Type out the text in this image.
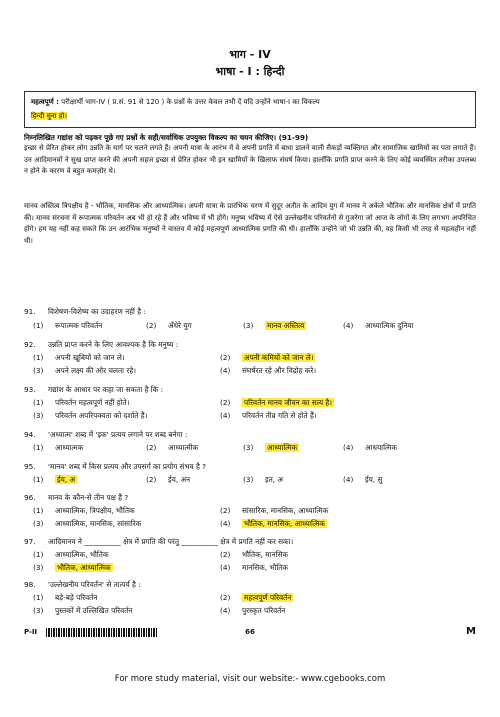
भाग - IV
भाषा - I : हिन्दी
महत्वपूर्ण : परीक्षार्थी भाग-IV ( प्र.सं. 91 से 120 ) के प्रश्नों के उत्तर केवल तभी दें यदि उन्होंने भाषा-I का विकल्प
हिन्दी चुना हो।
निम्नलिखित गद्यांश को पढ़कर पूछे गए प्रश्नों के सही/सर्वाधिक उपयुक्त विकल्प का चयन कीजिए। (91-99)
इच्छा से प्रेरित होकर लोग उन्नति के मार्ग पर चलने लगते हैं। अपनी यात्रा के आरंभ में वे अपनी प्रगति में बाधा डालने वाली सैकड़ों व्यक्तिगत और सामाजिक खामियों का पता लगाते हैं। उन आदिमानवों ने सुख प्राप्त करने की अपनी सहज इच्छा से प्रेरित होकर भी इन खामियों के खिलाफ संघर्ष किया। हालाँकि प्रगति प्राप्त करने के लिए कोई व्यवस्थित तरीका उपलब्ध न होने के कारण वे बहुत कमज़ोर थे।
मानव अस्तित्व त्रिपक्षीय है - भौतिक, मानसिक और आध्यात्मिक। अपनी यात्रा के प्रारंभिक चरण में सुदूर अतीत के आदिम युग में मानव ने अकेले भौतिक और मानसिक क्षेत्रों में प्रगति की। मानव संरचना में रूपात्मक परिवर्तन अब भी हो रहे हैं और भविष्य में भी होंगे। मनुष्य भविष्य में ऐसे उल्लेखनीय परिवर्तनों से गुजरेगा जो आज के लोगों के लिए लगभग अपरिचित होंगे। हम यह नहीं कह सकते कि उन आरंभिक मनुष्यों ने वास्तव में कोई महत्वपूर्ण आध्यात्मिक प्रगति की थी। हालाँकि उन्होंने जो भी उन्नति की, वह किसी भी तरह से महत्वहीन नहीं थी।
91.	विशेषण-विशेष्य का उदाहरण नहीं है :
(1) रूपात्मक परिवर्तन	(2) अँधेरे युग	(3) मानव अस्तित्व	(4) आध्यात्मिक दुनिया
92.	उन्नति प्राप्त करने के लिए आवश्यक है कि मनुष्य :
(1) अपनी खूबियों को जान ले।	(2) अपनी कमियों को जान ले।
(3) अपने लक्ष्य की ओर चलता रहे।	(4) संघर्षरत रहे और विद्रोह करे।
93.	गद्यांश के आधार पर कहा जा सकता है कि :
(1) परिवर्तन महत्वपूर्ण नहीं होते।	(2) परिवर्तन मानव जीवन का सत्य है।
(3) परिवर्तन अपरिपक्वता को दर्शाते हैं।	(4) परिवर्तन तीव्र गति से होते हैं।
94.	'अध्यात्म' शब्द में 'इक' प्रत्यय लगाने पर शब्द बनेगा :
(1) आध्यात्मक	(2) आध्यात्मीक	(3) आध्यात्मिक	(4) आधयात्मिक
95.	'मानव' शब्द में किस प्रत्यय और उपसर्ग का प्रयोग संभव है ?
(1) ईय, अ	(2) ईय, अन	(3) इत, अ	(4) ईय, सु
96.	मानव के कौन-से तीन पक्ष हैं ?
(1) आध्यात्मिक, त्रिपक्षीय, भौतिक	(2) सांसारिक, मानसिक, आध्यात्मिक
(3) आध्यात्मिक, मानसिक, सांसारिक	(4) भौतिक, मानसिक, आध्यात्मिक
97.	आदिमानव ने __________ क्षेत्र में प्रगति की परंतु __________ क्षेत्र में प्रगति नहीं कर सका।
(1) आध्यात्मिक, भौतिक	(2) भौतिक, मानसिक
(3) भौतिक, आध्यात्मिक	(4) मानसिक, भौतिक
98.	'उल्लेखनीय परिवर्तन' से तात्पर्य है :
(1) बड़े-बड़े परिवर्तन	(2) महत्वपूर्ण परिवर्तन
(3) पुस्तकों में उल्लिखित परिवर्तन	(4) पुरस्कृत परिवर्तन
P-II	66	M
For more study material, visit our website:- www.cgebooks.com
